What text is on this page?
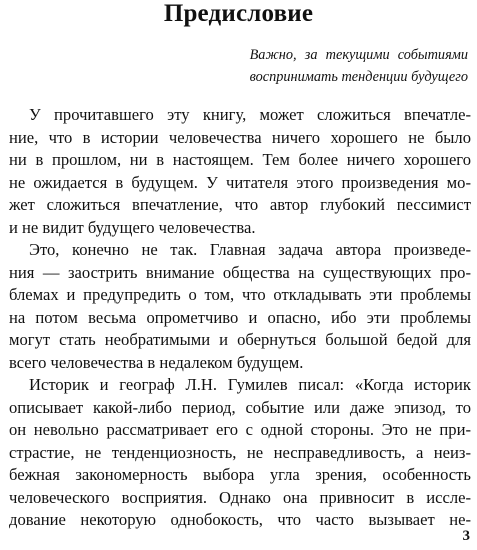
Предисловие
Важно, за текущими событиями
воспринимать тенденции будущего
У прочитавшего эту книгу, может сложиться впечатле-
ние, что в истории человечества ничего хорошего не было
ни в прошлом, ни в настоящем. Тем более ничего хорошего
не ожидается в будущем. У читателя этого произведения мо-
жет сложиться впечатление, что автор глубокий пессимист
и не видит будущего человечества.
Это, конечно не так. Главная задача автора произведе-
ния — заострить внимание общества на существующих про-
блемах и предупредить о том, что откладывать эти проблемы
на потом весьма опрометчиво и опасно, ибо эти проблемы
могут стать необратимыми и обернуться большой бедой для
всего человечества в недалеком будущем.
Историк и географ Л.Н. Гумилев писал: «Когда историк
описывает какой-либо период, событие или даже эпизод, то
он невольно рассматривает его с одной стороны. Это не при-
страстие, не тенденциозность, не несправедливость, а неиз-
бежная закономерность выбора угла зрения, особенность
человеческого восприятия. Однако она привносит в иссле-
дование некоторую однобокость, что часто вызывает не-
3
